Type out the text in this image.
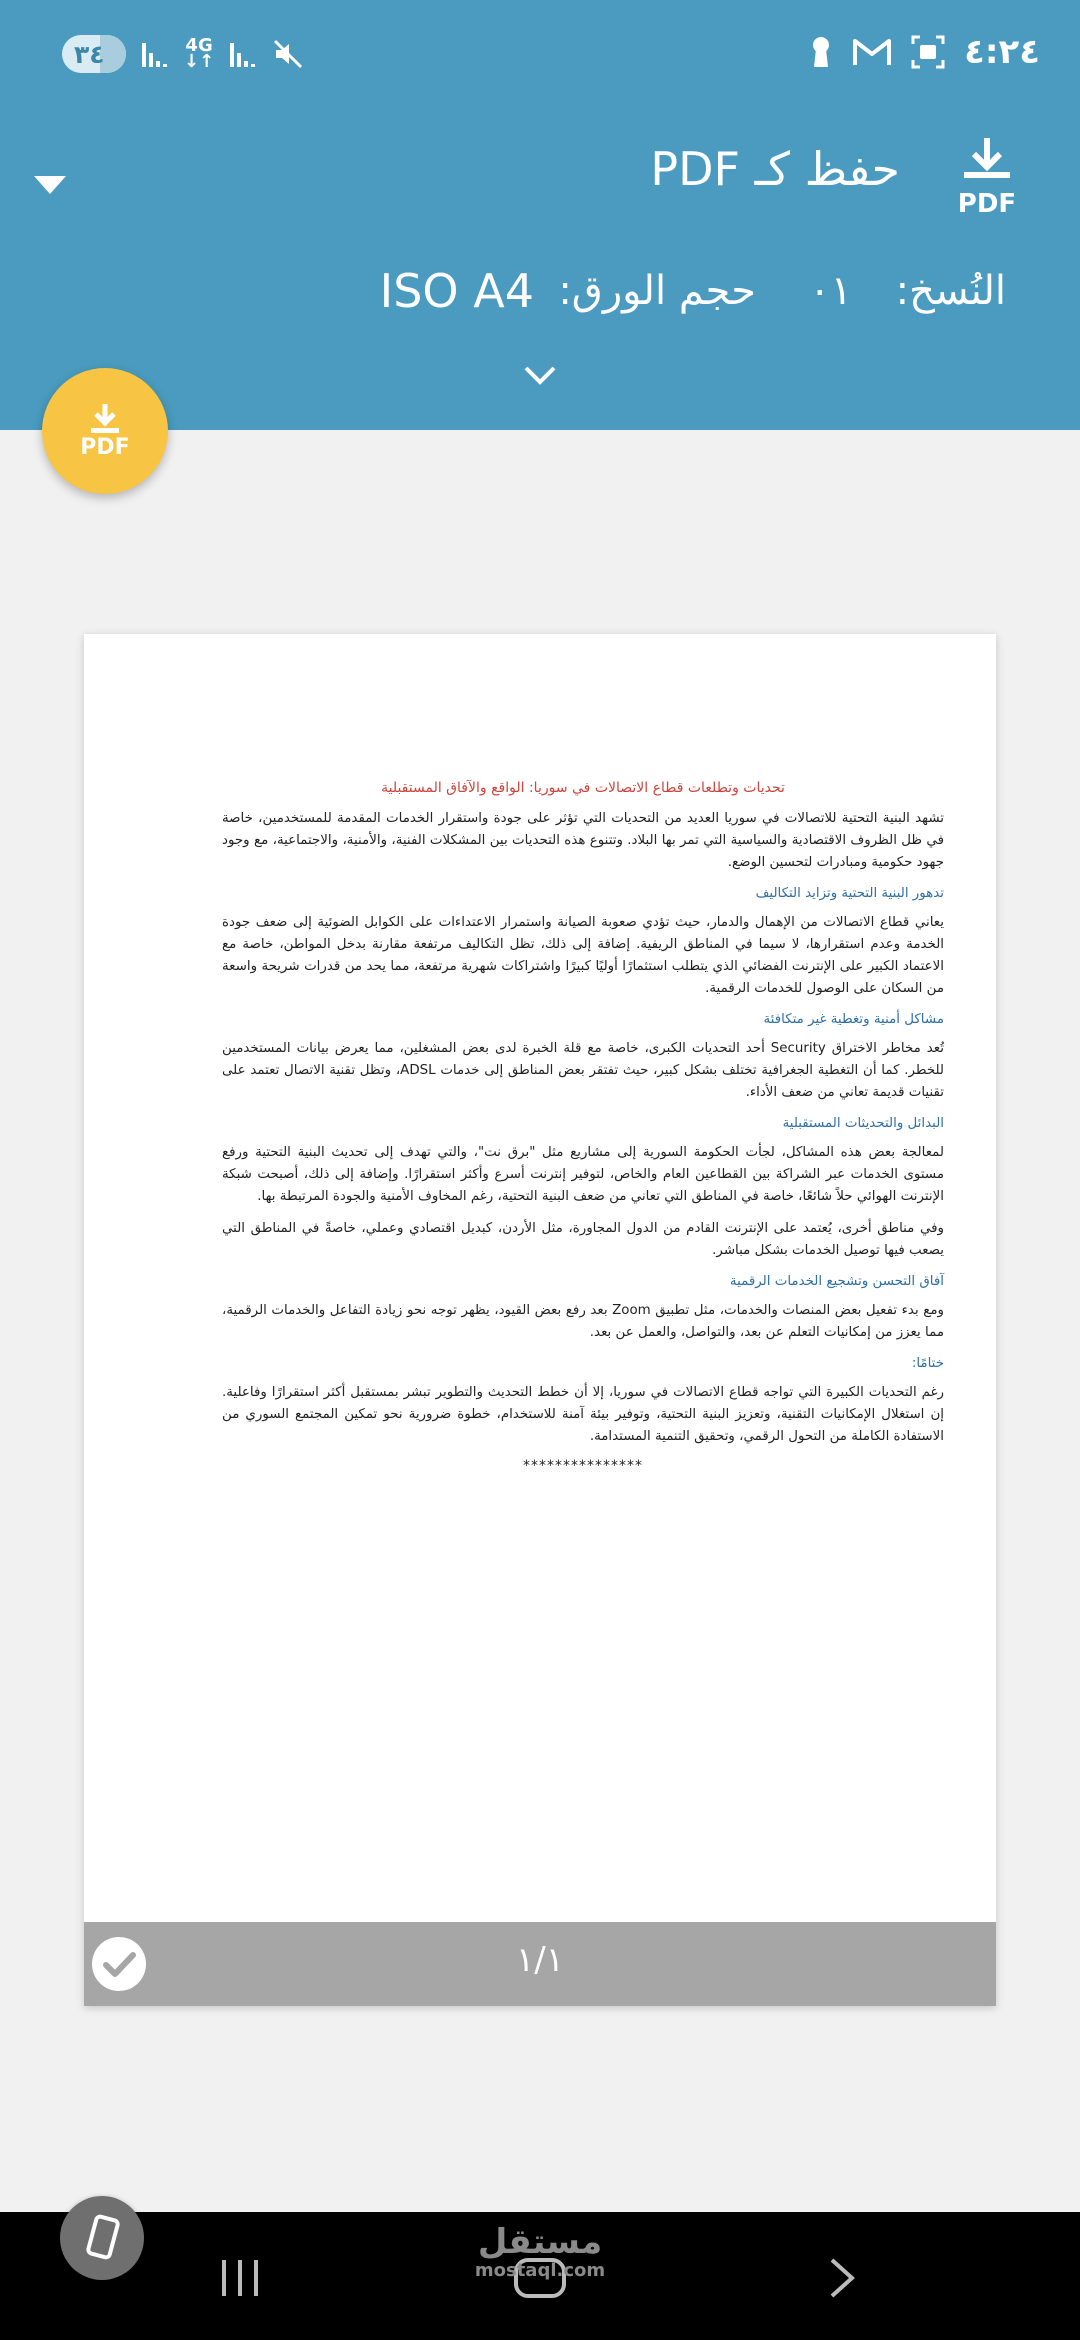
٣٤	4G
↓↑	٤:٢٤
حفظ كـ PDF
PDF
النُسخ:
٠١
حجم الورق:
ISO A4
PDF
تحديات وتطلعات قطاع الاتصالات في سوريا: الواقع والآفاق المستقبلية

تشهد البنية التحتية للاتصالات في سوريا العديد من التحديات التي تؤثر على جودة واستقرار الخدمات المقدمة للمستخدمين، خاصة في ظل الظروف الاقتصادية والسياسية التي تمر بها البلاد. وتتنوع هذه التحديات بين المشكلات الفنية، والأمنية، والاجتماعية، مع وجود جهود حكومية ومبادرات لتحسين الوضع.

تدهور البنية التحتية وتزايد التكاليف

يعاني قطاع الاتصالات من الإهمال والدمار، حيث تؤدي صعوبة الصيانة واستمرار الاعتداءات على الكوابل الضوئية إلى ضعف جودة الخدمة وعدم استقرارها، لا سيما في المناطق الريفية. إضافة إلى ذلك، تظل التكاليف مرتفعة مقارنة بدخل المواطن، خاصة مع الاعتماد الكبير على الإنترنت الفضائي الذي يتطلب استثمارًا أوليًا كبيرًا واشتراكات شهرية مرتفعة، مما يحد من قدرات شريحة واسعة من السكان على الوصول للخدمات الرقمية.

مشاكل أمنية وتغطية غير متكافئة

تُعد مخاطر الاختراق Security أحد التحديات الكبرى، خاصة مع قلة الخبرة لدى بعض المشغلين، مما يعرض بيانات المستخدمين للخطر. كما أن التغطية الجغرافية تختلف بشكل كبير، حيث تفتقر بعض المناطق إلى خدمات ADSL، وتظل تقنية الاتصال تعتمد على تقنيات قديمة تعاني من ضعف الأداء.

البدائل والتحديثات المستقبلية

لمعالجة بعض هذه المشاكل، لجأت الحكومة السورية إلى مشاريع مثل "برق نت"، والتي تهدف إلى تحديث البنية التحتية ورفع مستوى الخدمات عبر الشراكة بين القطاعين العام والخاص، لتوفير إنترنت أسرع وأكثر استقرارًا. وإضافة إلى ذلك، أصبحت شبكة الإنترنت الهوائي حلاً شائعًا، خاصة في المناطق التي تعاني من ضعف البنية التحتية، رغم المخاوف الأمنية والجودة المرتبطة بها.

وفي مناطق أخرى، يُعتمد على الإنترنت القادم من الدول المجاورة، مثل الأردن، كبديل اقتصادي وعملي، خاصةً في المناطق التي يصعب فيها توصيل الخدمات بشكل مباشر.

آفاق التحسن وتشجيع الخدمات الرقمية

ومع بدء تفعيل بعض المنصات والخدمات، مثل تطبيق Zoom بعد رفع بعض القيود، يظهر توجه نحو زيادة التفاعل والخدمات الرقمية، مما يعزز من إمكانيات التعلم عن بعد، والتواصل، والعمل عن بعد.

ختامًا:

رغم التحديات الكبيرة التي تواجه قطاع الاتصالات في سوريا، إلا أن خطط التحديث والتطوير تبشر بمستقبل أكثر استقرارًا وفاعلية. إن استغلال الإمكانيات التقنية، وتعزيز البنية التحتية، وتوفير بيئة آمنة للاستخدام، خطوة ضرورية نحو تمكين المجتمع السوري من الاستفادة الكاملة من التحول الرقمي، وتحقيق التنمية المستدامة.

***************
١/١
مستقل
mostaql.com
